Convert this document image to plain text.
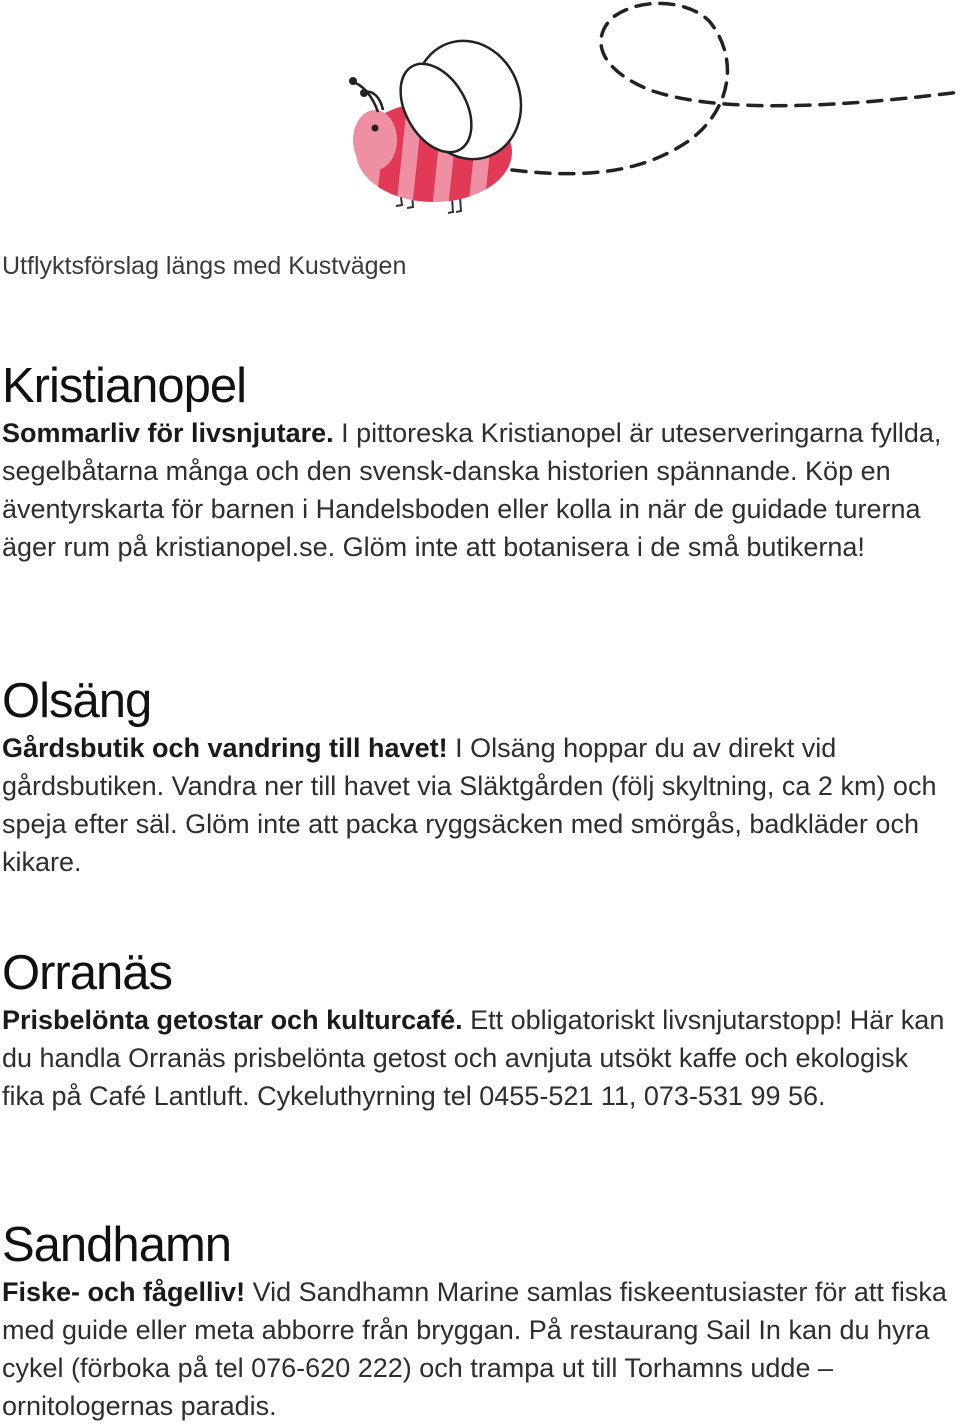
Utflyktsförslag längs med Kustvägen
Kristianopel

Sommarliv för livsnjutare. I pittoreska Kristianopel är uteserveringarna fyllda, segelbåtarna många och den svensk-danska historien spännande. Köp en äventyrskarta för barnen i Handelsboden eller kolla in när de guidade turerna äger rum på kristianopel.se. Glöm inte att botanisera i de små butikerna!

Olsäng

Gårdsbutik och vandring till havet! I Olsäng hoppar du av direkt vid gårdsbutiken. Vandra ner till havet via Släktgården (följ skyltning, ca 2 km) och speja efter säl. Glöm inte att packa ryggsäcken med smörgås, badkläder och kikare.

Orranäs

Prisbelönta getostar och kulturcafé. Ett obligatoriskt livsnjutarstopp! Här kan du handla Orranäs prisbelönta getost och avnjuta utsökt kaffe och ekologisk fika på Café Lantluft. Cykeluthyrning tel 0455-521 11, 073-531 99 56.

Sandhamn

Fiske- och fågelliv! Vid Sandhamn Marine samlas fiskeentusiaster för att fiska med guide eller meta abborre från bryggan. På restaurang Sail In kan du hyra cykel (förboka på tel 076-620 222) och trampa ut till Torhamns udde – ornitologernas paradis.
